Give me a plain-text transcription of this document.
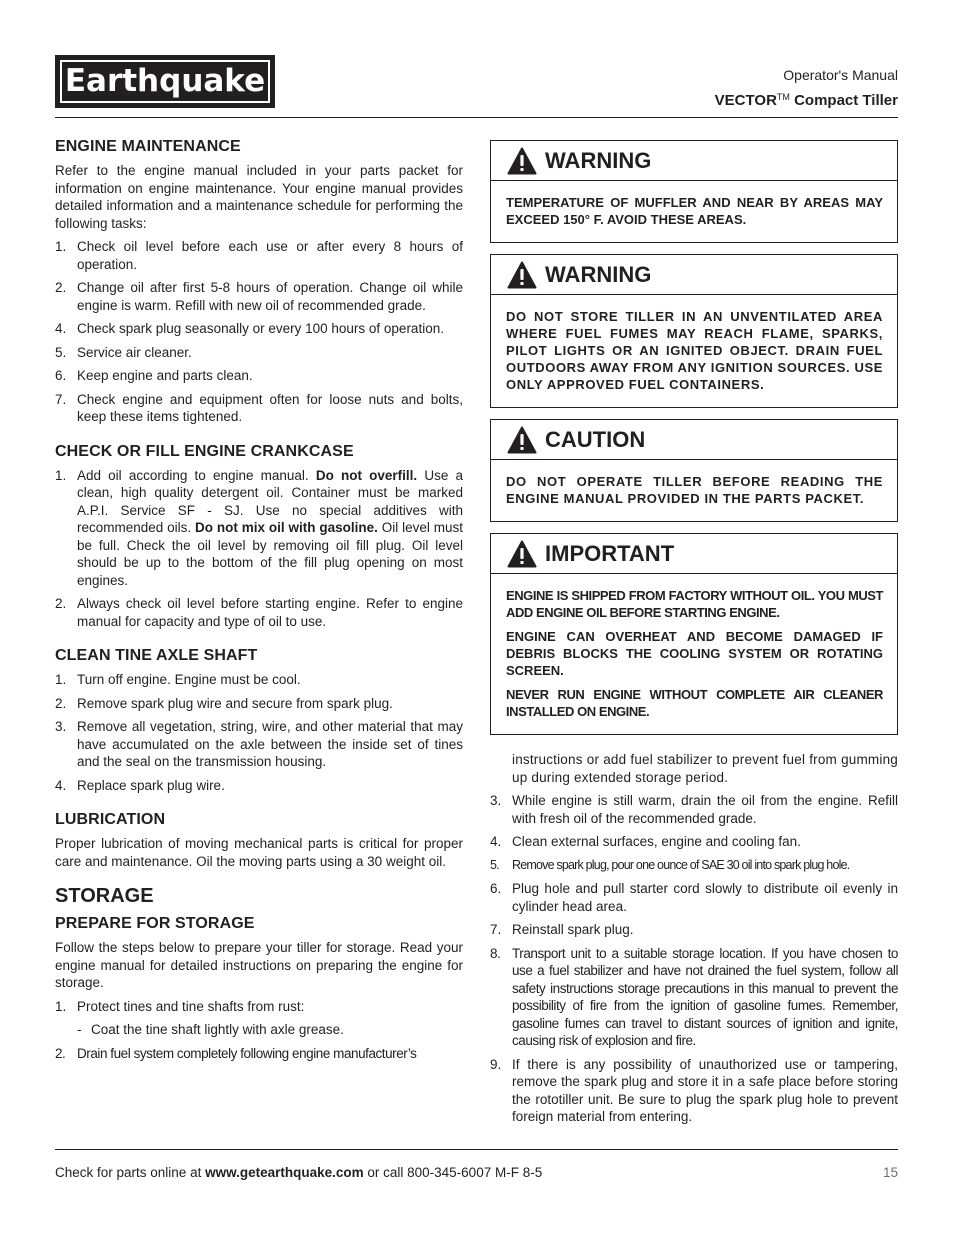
Earthquake	Operator's Manual
VECTOR™ Compact Tiller
ENGINE MAINTENANCE

Refer to the engine manual included in your parts packet for information on engine maintenance. Your engine manual provides detailed information and a maintenance schedule for performing the following tasks:

1. Check oil level before each use or after every 8 hours of operation.
2. Change oil after first 5-8 hours of operation. Change oil while engine is warm. Refill with new oil of recommended grade.
4. Check spark plug seasonally or every 100 hours of operation.
5. Service air cleaner.
6. Keep engine and parts clean.
7. Check engine and equipment often for loose nuts and bolts, keep these items tightened.
CHECK OR FILL ENGINE CRANKCASE
1. Add oil according to engine manual. Do not overfill. Use a clean, high quality detergent oil. Container must be marked A.P.I. Service SF - SJ. Use no special additives with recommended oils. Do not mix oil with gasoline. Oil level must be full. Check the oil level by removing oil fill plug. Oil level should be up to the bottom of the fill plug opening on most engines.
2. Always check oil level before starting engine. Refer to engine manual for capacity and type of oil to use.
CLEAN TINE AXLE SHAFT
1. Turn off engine. Engine must be cool.
2. Remove spark plug wire and secure from spark plug.
3. Remove all vegetation, string, wire, and other material that may have accumulated on the axle between the inside set of tines and the seal on the transmission housing.
4. Replace spark plug wire.
LUBRICATION

Proper lubrication of moving mechanical parts is critical for proper care and maintenance. Oil the moving parts using a 30 weight oil.

STORAGE
PREPARE FOR STORAGE

Follow the steps below to prepare your tiller for storage. Read your engine manual for detailed instructions on preparing the engine for storage.

1. Protect tines and tine shafts from rust:
- Coat the tine shaft lightly with axle grease.
2. Drain fuel system completely following engine manufacturer’s
WARNING

TEMPERATURE OF MUFFLER AND NEAR BY AREAS MAY EXCEED 150° F. AVOID THESE AREAS.

WARNING

DO NOT STORE TILLER IN AN UNVENTILATED AREA WHERE FUEL FUMES MAY REACH FLAME, SPARKS, PILOT LIGHTS OR AN IGNITED OBJECT. DRAIN FUEL OUTDOORS AWAY FROM ANY IGNITION SOURCES. USE ONLY APPROVED FUEL CONTAINERS.

CAUTION

DO NOT OPERATE TILLER BEFORE READING THE ENGINE MANUAL PROVIDED IN THE PARTS PACKET.

IMPORTANT

ENGINE IS SHIPPED FROM FACTORY WITHOUT OIL. YOU MUST ADD ENGINE OIL BEFORE STARTING ENGINE.

ENGINE CAN OVERHEAT AND BECOME DAMAGED IF DEBRIS BLOCKS THE COOLING SYSTEM OR ROTATING SCREEN.

NEVER RUN ENGINE WITHOUT COMPLETE AIR CLEANER INSTALLED ON ENGINE.

instructions or add fuel stabilizer to prevent fuel from gumming up during extended storage period.

3. While engine is still warm, drain the oil from the engine. Refill with fresh oil of the recommended grade.
4. Clean external surfaces, engine and cooling fan.
5. Remove spark plug, pour one ounce of SAE 30 oil into spark plug hole.
6. Plug hole and pull starter cord slowly to distribute oil evenly in cylinder head area.
7. Reinstall spark plug.
8. Transport unit to a suitable storage location. If you have chosen to use a fuel stabilizer and have not drained the fuel system, follow all safety instructions storage precautions in this manual to prevent the possibility of fire from the ignition of gasoline fumes. Remember, gasoline fumes can travel to distant sources of ignition and ignite, causing risk of explosion and fire.
9. If there is any possibility of unauthorized use or tampering, remove the spark plug and store it in a safe place before storing the rototiller unit. Be sure to plug the spark plug hole to prevent foreign material from entering.
Check for parts online at www.getearthquake.com or call 800-345-6007 M-F 8-5	15
